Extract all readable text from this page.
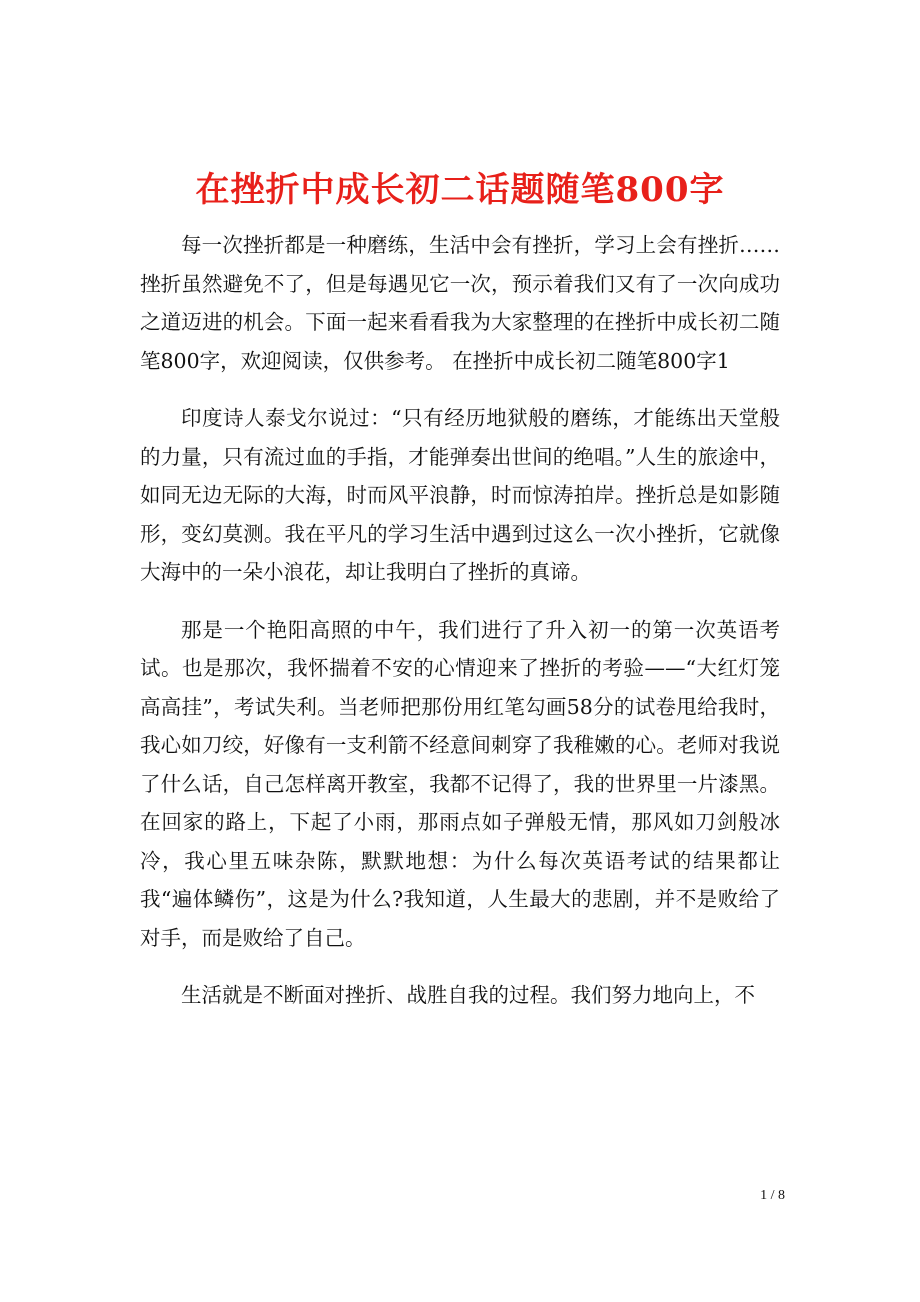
在挫折中成长初二话题随笔800字

每一次挫折都是一种磨练，生活中会有挫折，学习上会有挫折……挫折虽然避免不了，但是每遇见它一次，预示着我们又有了一次向成功之道迈进的机会。下面一起来看看我为大家整理的在挫折中成长初二随笔800字，欢迎阅读，仅供参考。 在挫折中成长初二随笔800字1

印度诗人泰戈尔说过：“只有经历地狱般的磨练，才能练出天堂般的力量，只有流过血的手指，才能弹奏出世间的绝唱。”人生的旅途中，如同无边无际的大海，时而风平浪静，时而惊涛拍岸。挫折总是如影随形，变幻莫测。我在平凡的学习生活中遇到过这么一次小挫折，它就像大海中的一朵小浪花，却让我明白了挫折的真谛。

那是一个艳阳高照的中午，我们进行了升入初一的第一次英语考试。也是那次，我怀揣着不安的心情迎来了挫折的考验——“大红灯笼高高挂”，考试失利。当老师把那份用红笔勾画58分的试卷甩给我时，我心如刀绞，好像有一支利箭不经意间刺穿了我稚嫩的心。老师对我说了什么话，自己怎样离开教室，我都不记得了，我的世界里一片漆黑。在回家的路上，下起了小雨，那雨点如子弹般无情，那风如刀剑般冰冷，我心里五味杂陈，默默地想：为什么每次英语考试的结果都让我“遍体鳞伤”，这是为什么?我知道，人生最大的悲剧，并不是败给了对手，而是败给了自己。

生活就是不断面对挫折、战胜自我的过程。我们努力地向上，不

1 / 8
